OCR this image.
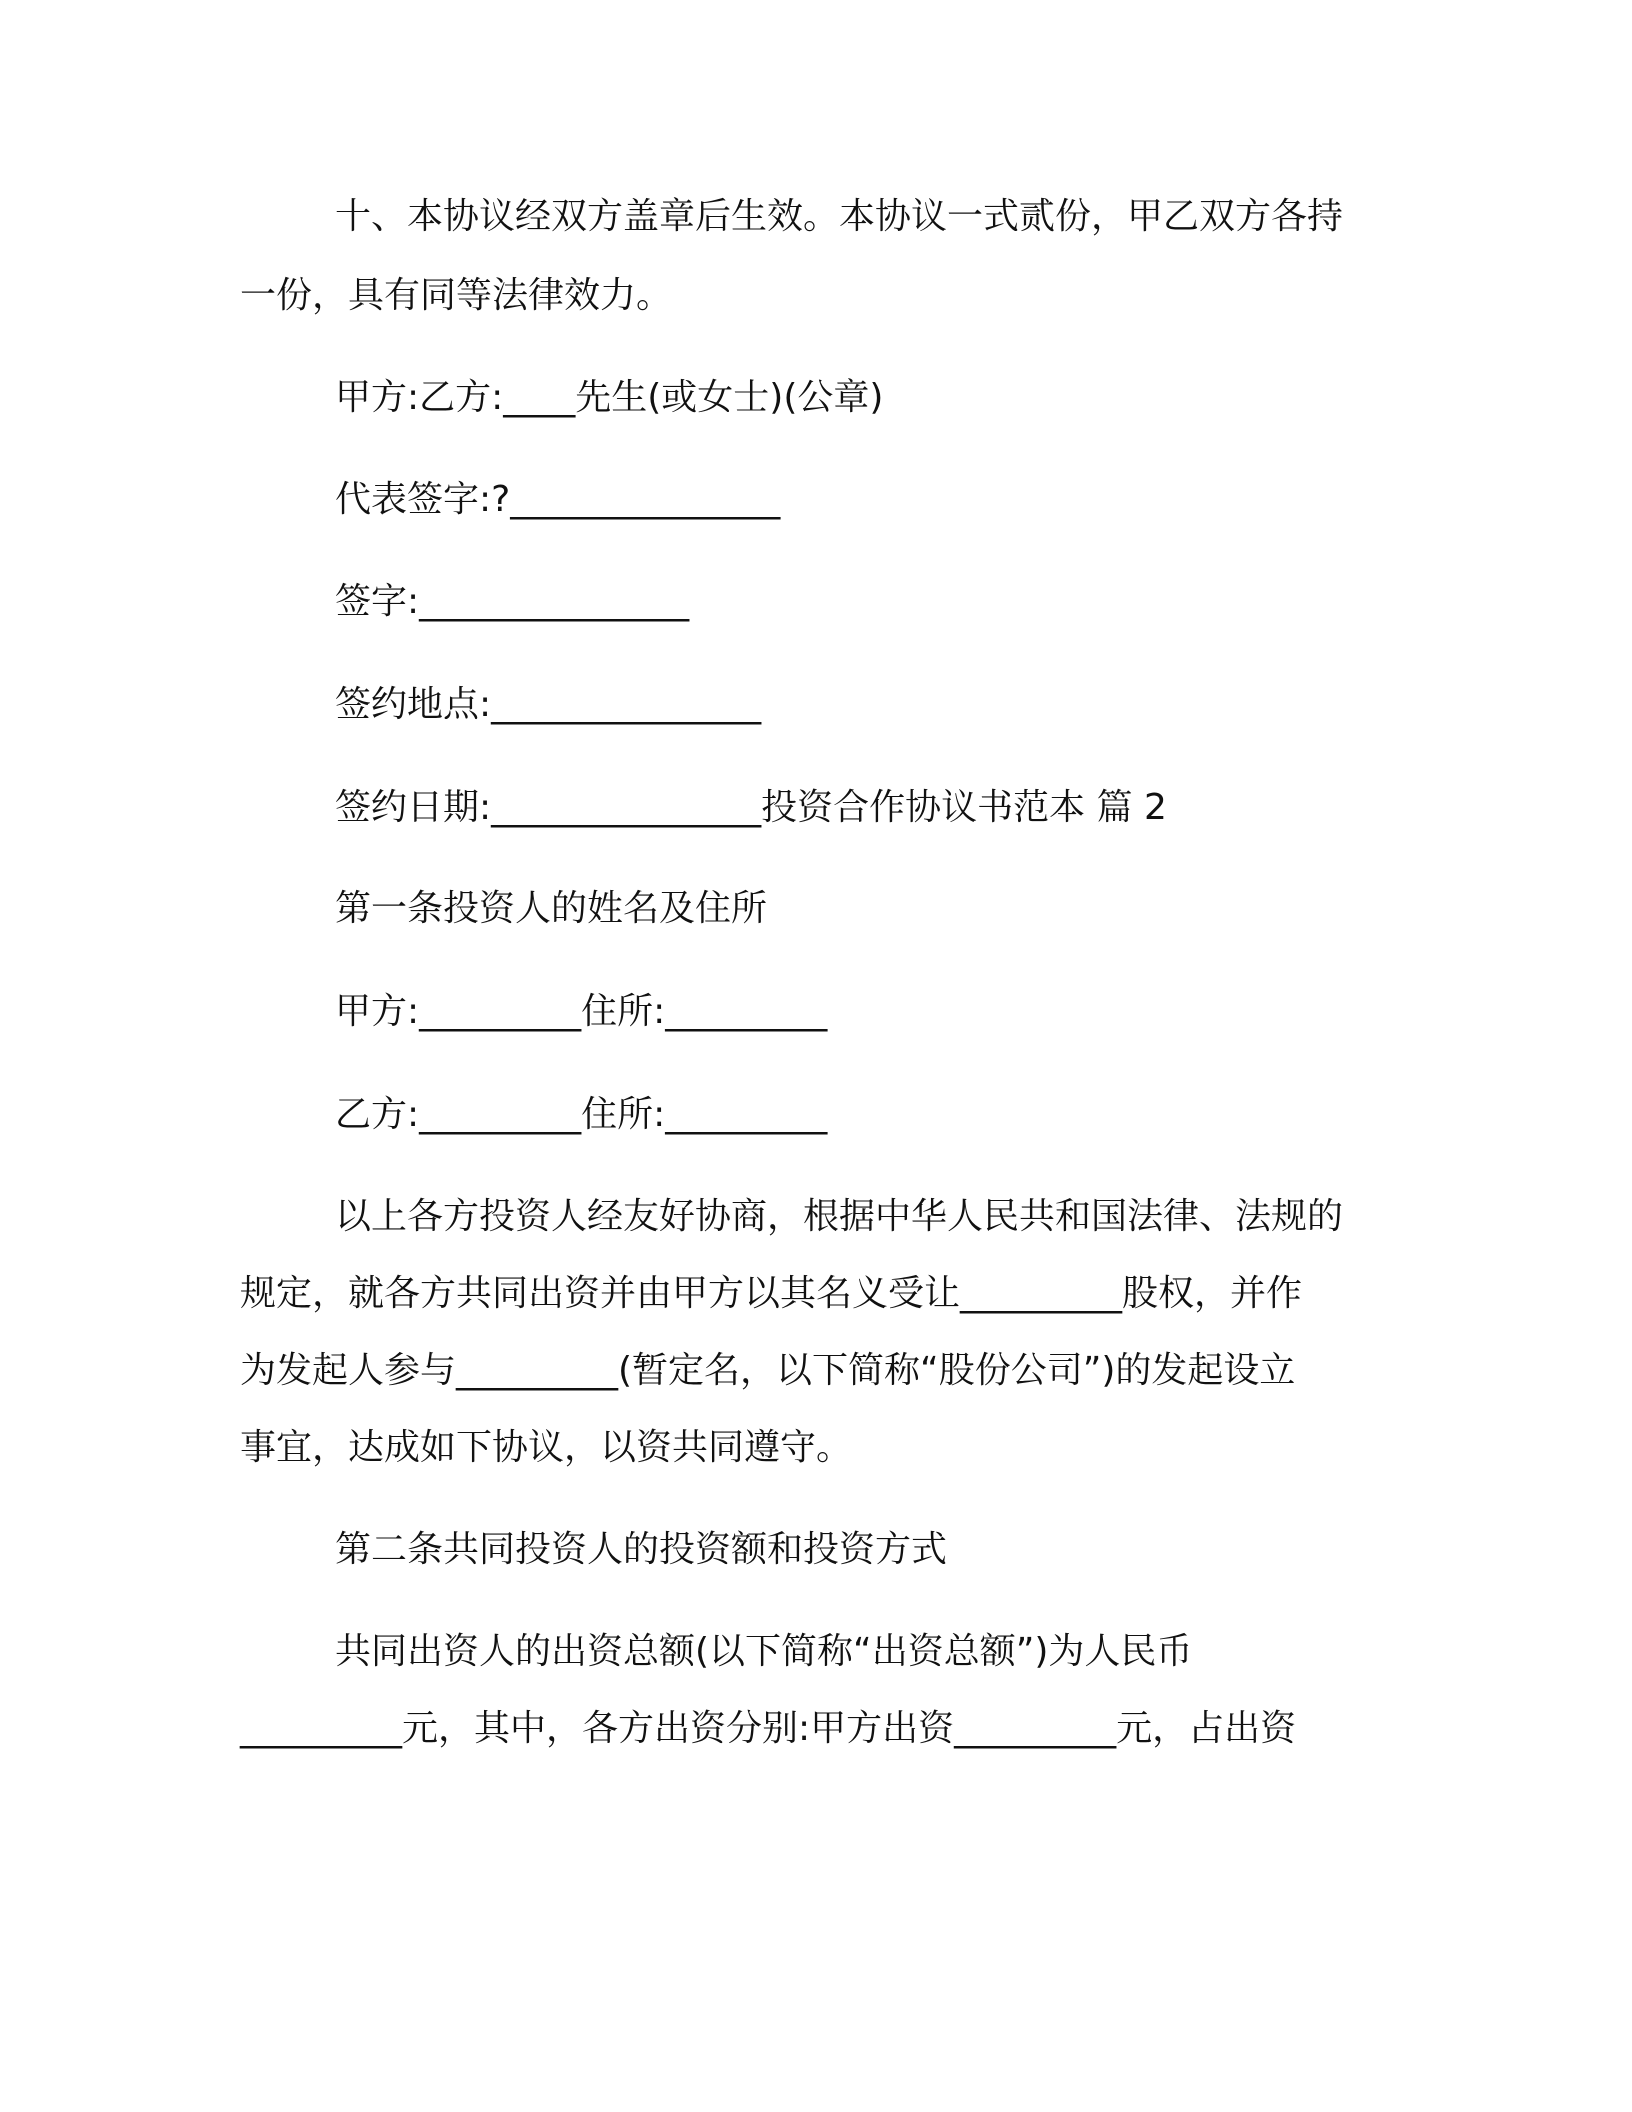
十、本协议经双方盖章后生效。本协议一式贰份，甲乙双方各持

一份，具有同等法律效力。

甲方:乙方:____先生(或女士)(公章)

代表签字:?_______________

签字:_______________

签约地点:_______________

签约日期:_______________投资合作协议书范本 篇 2

第一条投资人的姓名及住所

甲方:_________住所:_________

乙方:_________住所:_________

以上各方投资人经友好协商，根据中华人民共和国法律、法规的

规定，就各方共同出资并由甲方以其名义受让_________股权，并作

为发起人参与_________(暂定名，以下简称“股份公司”)的发起设立

事宜，达成如下协议，以资共同遵守。

第二条共同投资人的投资额和投资方式

共同出资人的出资总额(以下简称“出资总额”)为人民币

_________元，其中，各方出资分别:甲方出资_________元，占出资
